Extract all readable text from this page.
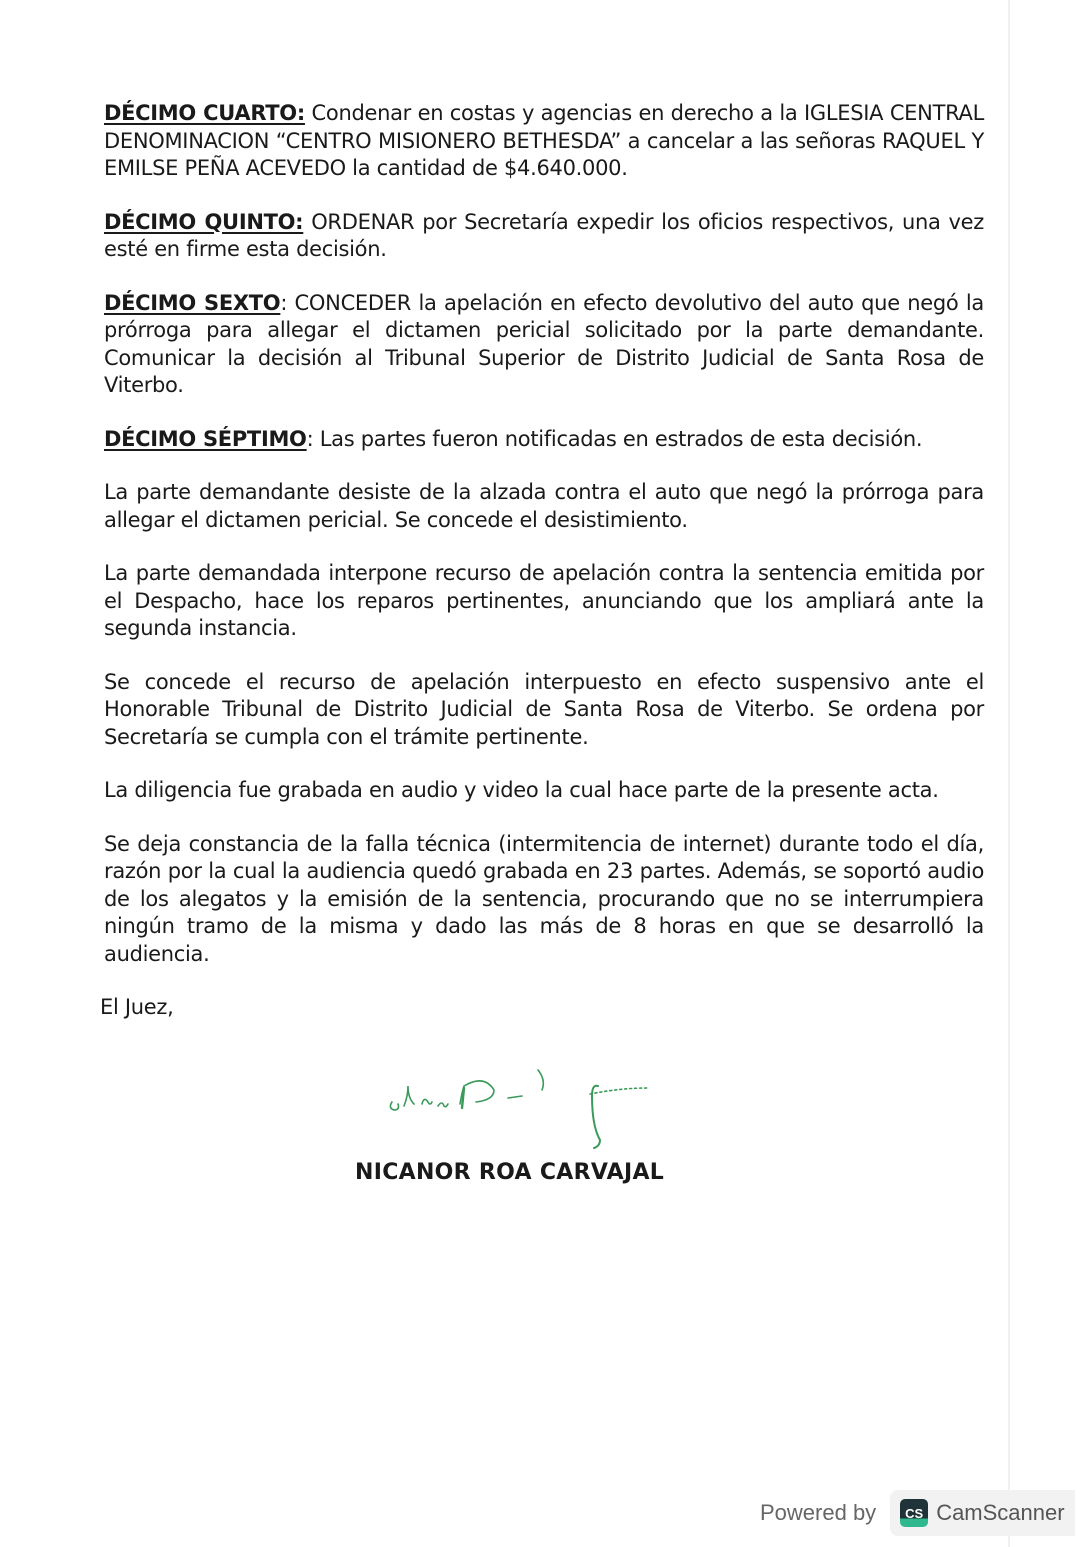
DÉCIMO CUARTO: Condenar en costas y agencias en derecho a la IGLESIA CENTRAL DENOMINACION “CENTRO MISIONERO BETHESDA” a cancelar a las señoras RAQUEL Y EMILSE PEÑA ACEVEDO la cantidad de $4.640.000.

DÉCIMO QUINTO: ORDENAR por Secretaría expedir los oficios respectivos, una vez esté en firme esta decisión.

DÉCIMO SEXTO: CONCEDER la apelación en efecto devolutivo del auto que negó la prórroga para allegar el dictamen pericial solicitado por la parte demandante. Comunicar la decisión al Tribunal Superior de Distrito Judicial de Santa Rosa de Viterbo.

DÉCIMO SÉPTIMO: Las partes fueron notificadas en estrados de esta decisión.

La parte demandante desiste de la alzada contra el auto que negó la prórroga para allegar el dictamen pericial. Se concede el desistimiento.

La parte demandada interpone recurso de apelación contra la sentencia emitida por el Despacho, hace los reparos pertinentes, anunciando que los ampliará ante la segunda instancia.

Se concede el recurso de apelación interpuesto en efecto suspensivo ante el Honorable Tribunal de Distrito Judicial de Santa Rosa de Viterbo. Se ordena por Secretaría se cumpla con el trámite pertinente.

La diligencia fue grabada en audio y video la cual hace parte de la presente acta.

Se deja constancia de la falla técnica (intermitencia de internet) durante todo el día, razón por la cual la audiencia quedó grabada en 23 partes. Además, se soportó audio de los alegatos y la emisión de la sentencia, procurando que no se interrumpiera ningún tramo de la misma y dado las más de 8 horas en que se desarrolló la audiencia.

El Juez,

NICANOR ROA CARVAJAL
Powered by	CS CamScanner
